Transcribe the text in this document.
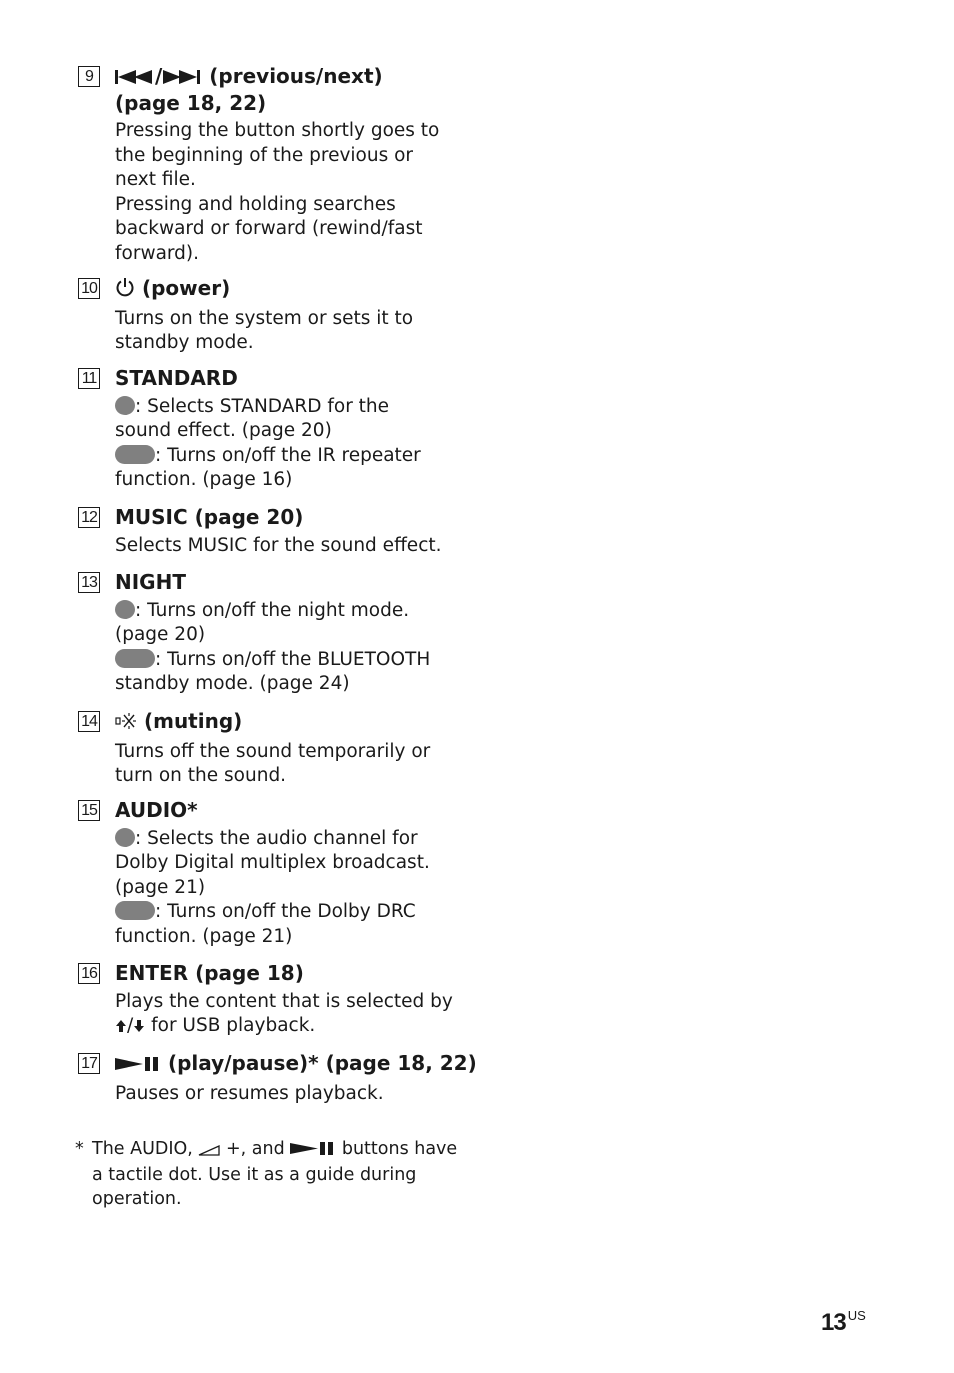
9	/ (previous/next)
(page 18, 22)
Pressing the button shortly goes to
the beginning of the previous or
next file.
Pressing and holding searches
backward or forward (rewind/fast
forward).
10	(power)
Turns on the system or sets it to
standby mode.
11 STANDARD
: Selects STANDARD for the
sound effect. (page 20)
: Turns on/off the IR repeater
function. (page 16)
12 MUSIC (page 20)
Selects MUSIC for the sound effect.
13 NIGHT
: Turns on/off the night mode.
(page 20)
: Turns on/off the BLUETOOTH
standby mode. (page 24)
14	(muting)
Turns off the sound temporarily or
turn on the sound.
15 AUDIO*
: Selects the audio channel for
Dolby Digital multiplex broadcast.
(page 21)
: Turns on/off the Dolby DRC
function. (page 21)
16 ENTER (page 18)
Plays the content that is selected by
/ for USB playback.
17	(play/pause)* (page 18, 22)
Pauses or resumes playback.
* The AUDIO,  +, and	buttons have
a tactile dot. Use it as a guide during
operation.
13 $^{US}$
